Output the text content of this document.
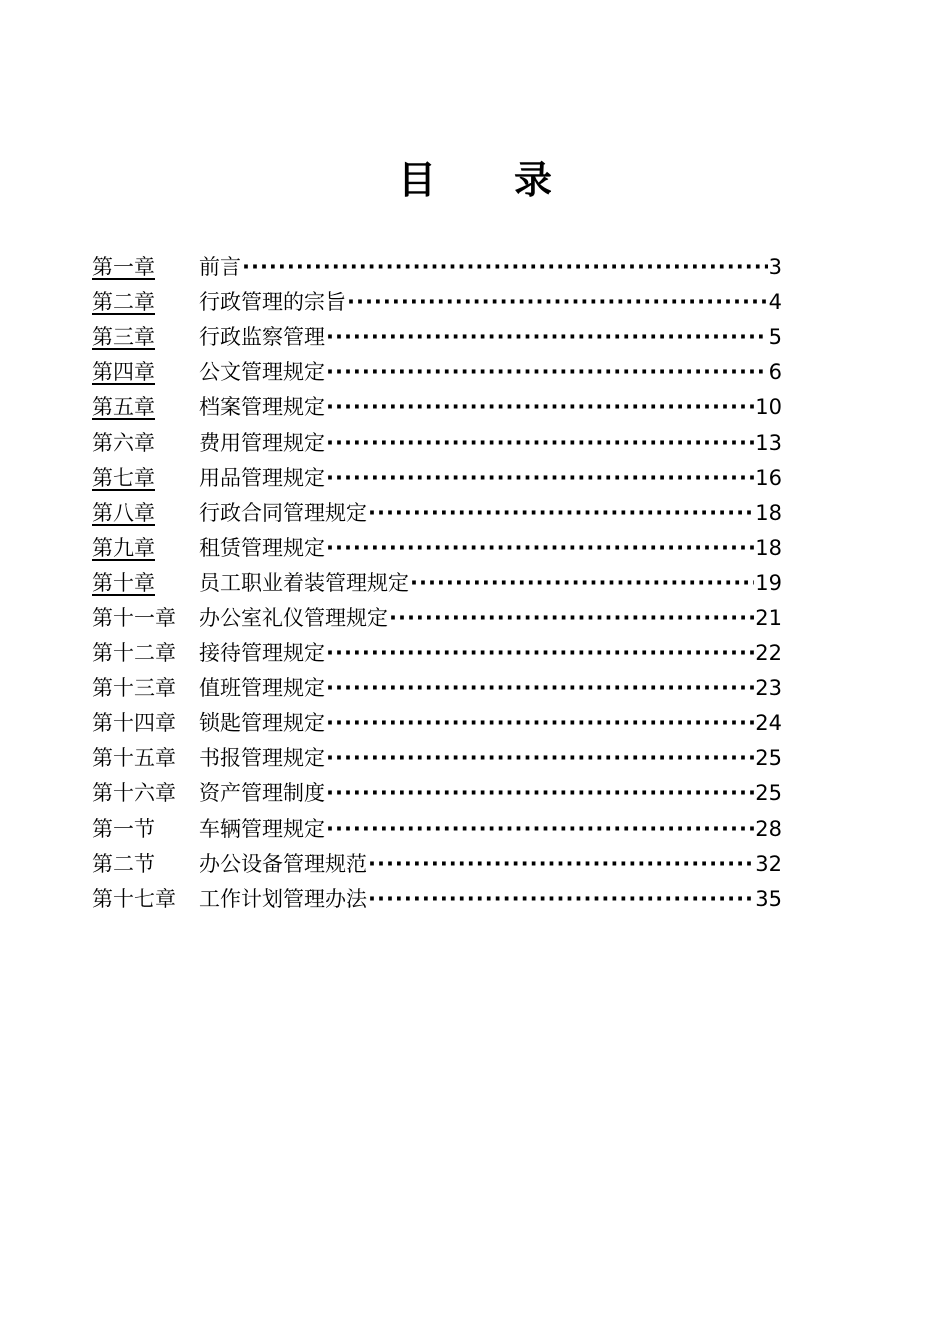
目 录
第一章	前言 ·····	3
第二章	行政管理的宗旨 ·····	4
第三章	行政监察管理 ·····	5
第四章	公文管理规定 ·····	6
第五章	档案管理规定 ·····	10
第六章	费用管理规定 ·····	13
第七章	用品管理规定 ·····	16
第八章	行政合同管理规定 ·····	18
第九章	租赁管理规定 ·····	18
第十章	员工职业着装管理规定 ·····	19
第十一章	办公室礼仪管理规定 ·····	21
第十二章	接待管理规定 ·····	22
第十三章	值班管理规定 ·····	23
第十四章	锁匙管理规定 ·····	24
第十五章	书报管理规定 ·····	25
第十六章	资产管理制度 ·····	25
第一节	车辆管理规定 ·····	28
第二节	办公设备管理规范 ·····	32
第十七章	工作计划管理办法 ·····	35
